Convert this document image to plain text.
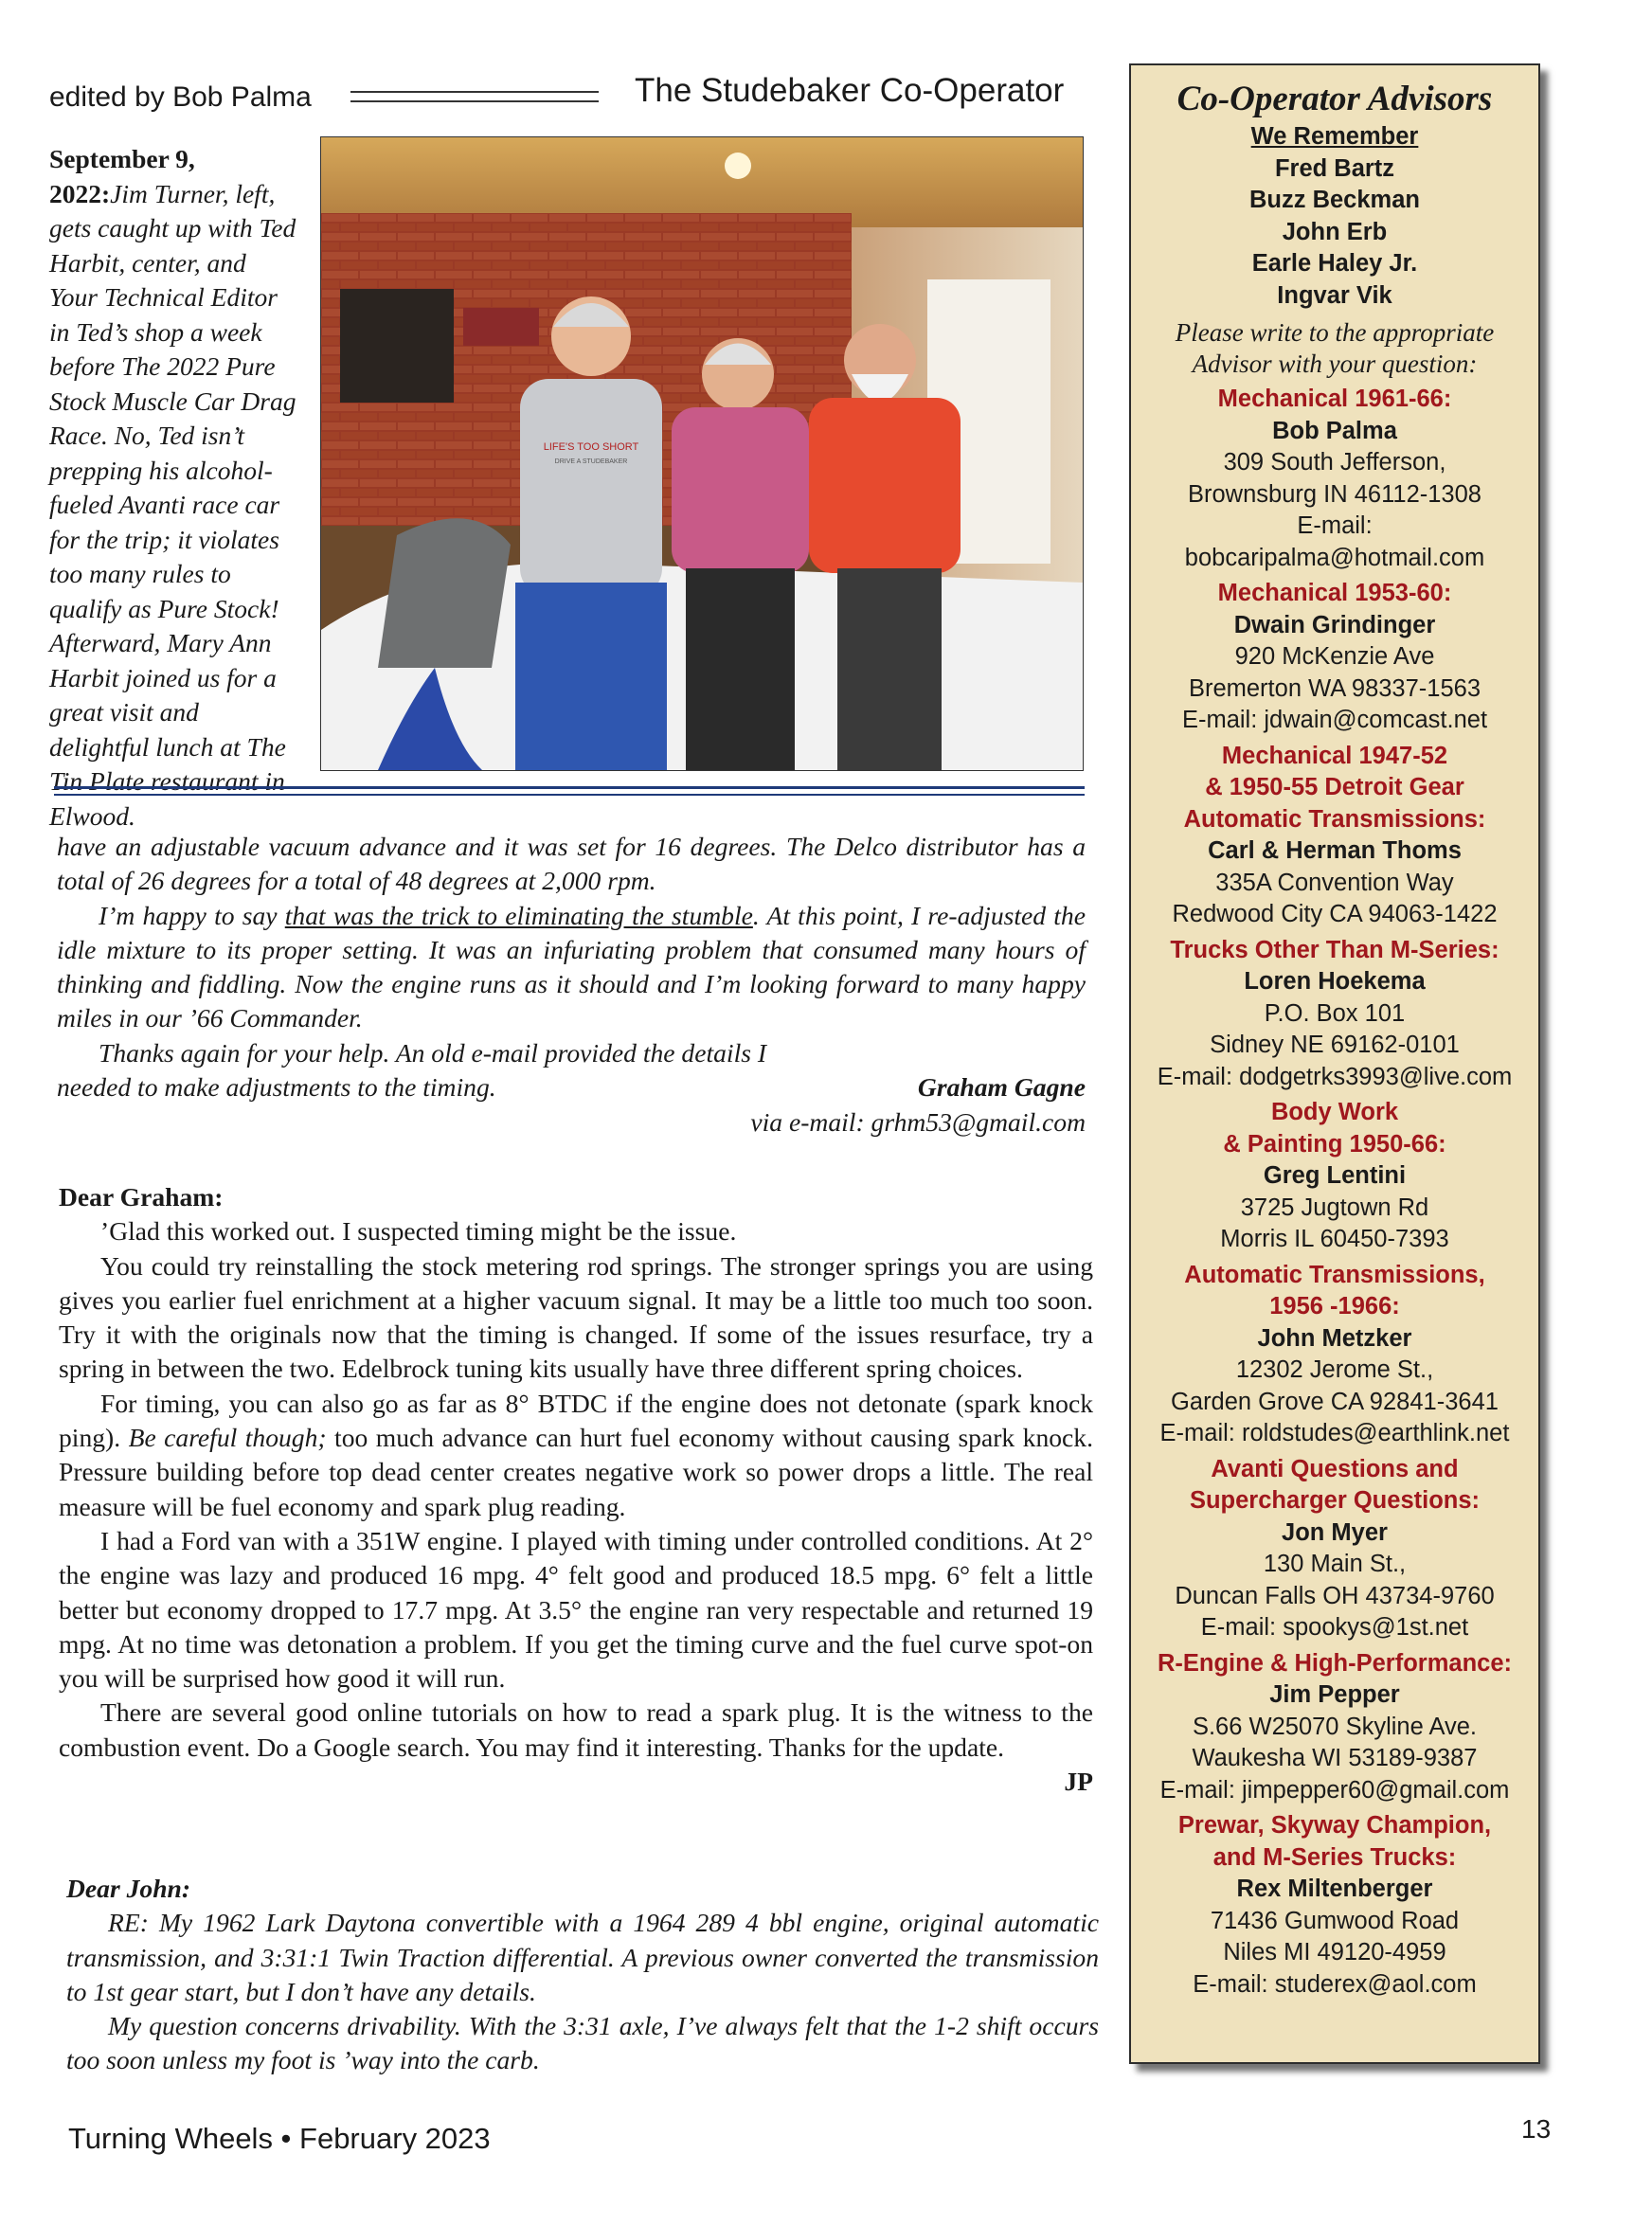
edited by Bob Palma	The Studebaker Co-Operator
September 9, 2022:Jim Turner, left, gets caught up with Ted Harbit, center, and Your Technical Editor in Ted’s shop a week before The 2022 Pure Stock Muscle Car Drag Race. No, Ted isn’t prepping his alcohol-fueled Avanti race car for the trip; it violates too many rules to qualify as Pure Stock! Afterward, Mary Ann Harbit joined us for a great visit and delightful lunch at The Tin Plate restaurant in Elwood.
LIFE'S TOO SHORT
DRIVE A STUDEBAKER

have an adjustable vacuum advance and it was set for 16 degrees. The Delco distributor has a total of 26 degrees for a total of 48 degrees at 2,000 rpm.

I’m happy to say that was the trick to eliminating the stumble. At this point, I re-adjusted the idle mixture to its proper setting. It was an infuriating problem that consumed many hours of thinking and fiddling. Now the engine runs as it should and I’m looking forward to many happy miles in our ’66 Commander.

Thanks again for your help. An old e-mail provided the details I needed to make adjustments to the timing.	Graham Gagne
via e-mail: grhm53@gmail.com
Dear Graham:

’Glad this worked out. I suspected timing might be the issue.

You could try reinstalling the stock metering rod springs. The stronger springs you are using gives you earlier fuel enrichment at a higher vacuum signal. It may be a little too much too soon. Try it with the originals now that the timing is changed. If some of the issues resurface, try a spring in between the two. Edelbrock tuning kits usually have three different spring choices.

For timing, you can also go as far as 8° BTDC if the engine does not detonate (spark knock ping). Be careful though; too much advance can hurt fuel economy without causing spark knock. Pressure building before top dead center creates negative work so power drops a little. The real measure will be fuel economy and spark plug reading.

I had a Ford van with a 351W engine. I played with timing under controlled conditions. At 2° the engine was lazy and produced 16 mpg. 4° felt good and produced 18.5 mpg. 6° felt a little better but economy dropped to 17.7 mpg. At 3.5° the engine ran very respectable and returned 19 mpg. At no time was detonation a problem. If you get the timing curve and the fuel curve spot-on you will be surprised how good it will run.

There are several good online tutorials on how to read a spark plug. It is the witness to the combustion event. Do a Google search. You may find it interesting. Thanks for the update.

JP
Dear John:

RE: My 1962 Lark Daytona convertible with a 1964 289 4 bbl engine, original automatic transmission, and 3:31:1 Twin Traction differential. A previous owner converted the transmission to 1st gear start, but I don’t have any details.

My question concerns drivability. With the 3:31 axle, I’ve always felt that the 1-2 shift occurs too soon unless my foot is ’way into the carb.

Co-Operator Advisors
We Remember
Fred Bartz
Buzz Beckman
John Erb
Earle Haley Jr.
Ingvar Vik
Please write to the appropriate
Advisor with your question:
Mechanical 1961-66:
Bob Palma
309 South Jefferson,
Brownsburg IN 46112-1308
E-mail:
bobcaripalma@hotmail.com
Mechanical 1953-60:
Dwain Grindinger
920 McKenzie Ave
Bremerton WA 98337-1563
E-mail: jdwain@comcast.net
Mechanical 1947-52
& 1950-55 Detroit Gear
Automatic Transmissions:
Carl & Herman Thoms
335A Convention Way
Redwood City CA 94063-1422
Trucks Other Than M-Series:
Loren Hoekema
P.O. Box 101
Sidney NE 69162-0101
E-mail: dodgetrks3993@live.com
Body Work
& Painting 1950-66:
Greg Lentini
3725 Jugtown Rd
Morris IL 60450-7393
Automatic Transmissions,
1956 -1966:
John Metzker
12302 Jerome St.,
Garden Grove CA 92841-3641
E-mail: roldstudes@earthlink.net
Avanti Questions and
Supercharger Questions:
Jon Myer
130 Main St.,
Duncan Falls OH 43734-9760
E-mail: spookys@1st.net
R-Engine & High-Performance:
Jim Pepper
S.66 W25070 Skyline Ave.
Waukesha WI 53189-9387
E-mail: jimpepper60@gmail.com
Prewar, Skyway Champion,
and M-Series Trucks:
Rex Miltenberger
71436 Gumwood Road
Niles MI 49120-4959
E-mail: studerex@aol.com
Turning Wheels • February 2023	13
